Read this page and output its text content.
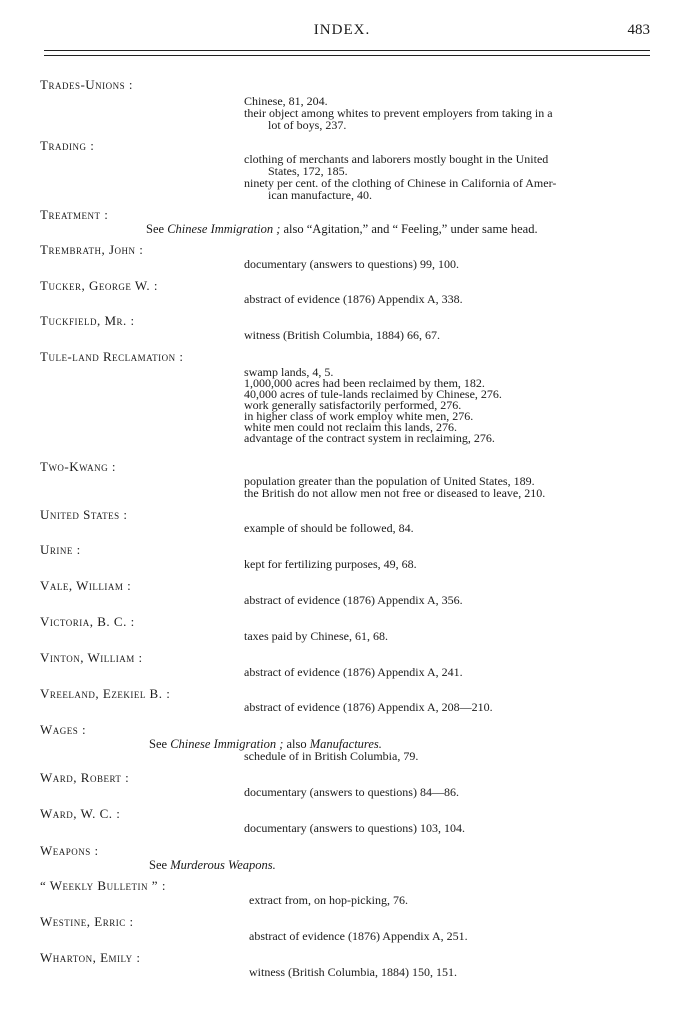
INDEX.	483
Trades-Unions :
Chinese, 81, 204.
their object among whites to prevent employers from taking in a
lot of boys, 237.
Trading :
clothing of merchants and laborers mostly bought in the United
States, 172, 185.
ninety per cent. of the clothing of Chinese in California of Amer-
ican manufacture, 40.
Treatment :
See Chinese Immigration ; also “Agitation,” and “ Feeling,” under same head.
Trembrath, John :
documentary (answers to questions) 99, 100.
Tucker, George W. :
abstract of evidence (1876) Appendix A, 338.
Tuckfield, Mr. :
witness (British Columbia, 1884) 66, 67.
Tule-land Reclamation :
swamp lands, 4, 5.
1,000,000 acres had been reclaimed by them, 182.
40,000 acres of tule-lands reclaimed by Chinese, 276.
work generally satisfactorily performed, 276.
in higher class of work employ white men, 276.
white men could not reclaim this lands, 276.
advantage of the contract system in reclaiming, 276.
Two-Kwang :
population greater than the population of United States, 189.
the British do not allow men not free or diseased to leave, 210.
United States :
example of should be followed, 84.
Urine :
kept for fertilizing purposes, 49, 68.
Vale, William :
abstract of evidence (1876) Appendix A, 356.
Victoria, B. C. :
taxes paid by Chinese, 61, 68.
Vinton, William :
abstract of evidence (1876) Appendix A, 241.
Vreeland, Ezekiel B. :
abstract of evidence (1876) Appendix A, 208—210.
Wages :
See Chinese Immigration ; also Manufactures.
schedule of in British Columbia, 79.
Ward, Robert :
documentary (answers to questions) 84—86.
Ward, W. C. :
documentary (answers to questions) 103, 104.
Weapons :
See Murderous Weapons.
“ Weekly Bulletin ” :
extract from, on hop-picking, 76.
Westine, Erric :
abstract of evidence (1876) Appendix A, 251.
Wharton, Emily :
witness (British Columbia, 1884) 150, 151.
